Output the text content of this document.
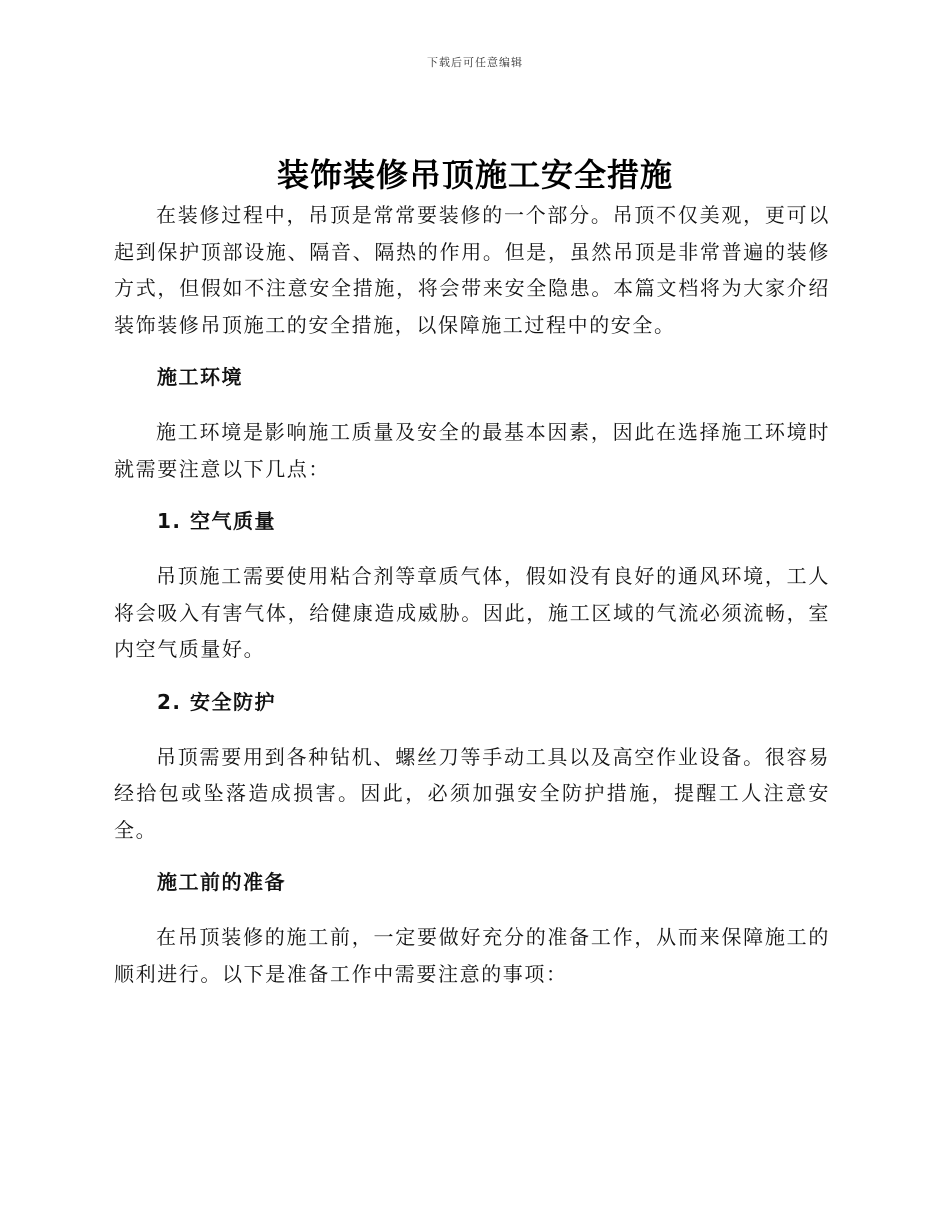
下载后可任意编辑
装饰装修吊顶施工安全措施

在装修过程中，吊顶是常常要装修的一个部分。吊顶不仅美观，更可以起到保护顶部设施、隔音、隔热的作用。但是，虽然吊顶是非常普遍的装修方式，但假如不注意安全措施，将会带来安全隐患。本篇文档将为大家介绍装饰装修吊顶施工的安全措施，以保障施工过程中的安全。

施工环境

施工环境是影响施工质量及安全的最基本因素，因此在选择施工环境时就需要注意以下几点：

1. 空气质量

吊顶施工需要使用粘合剂等章质气体，假如没有良好的通风环境，工人将会吸入有害气体，给健康造成威胁。因此，施工区域的气流必须流畅，室内空气质量好。

2. 安全防护

吊顶需要用到各种钻机、螺丝刀等手动工具以及高空作业设备。很容易经拾包或坠落造成损害。因此，必须加强安全防护措施，提醒工人注意安全。

施工前的准备

在吊顶装修的施工前，一定要做好充分的准备工作，从而来保障施工的顺利进行。以下是准备工作中需要注意的事项：
